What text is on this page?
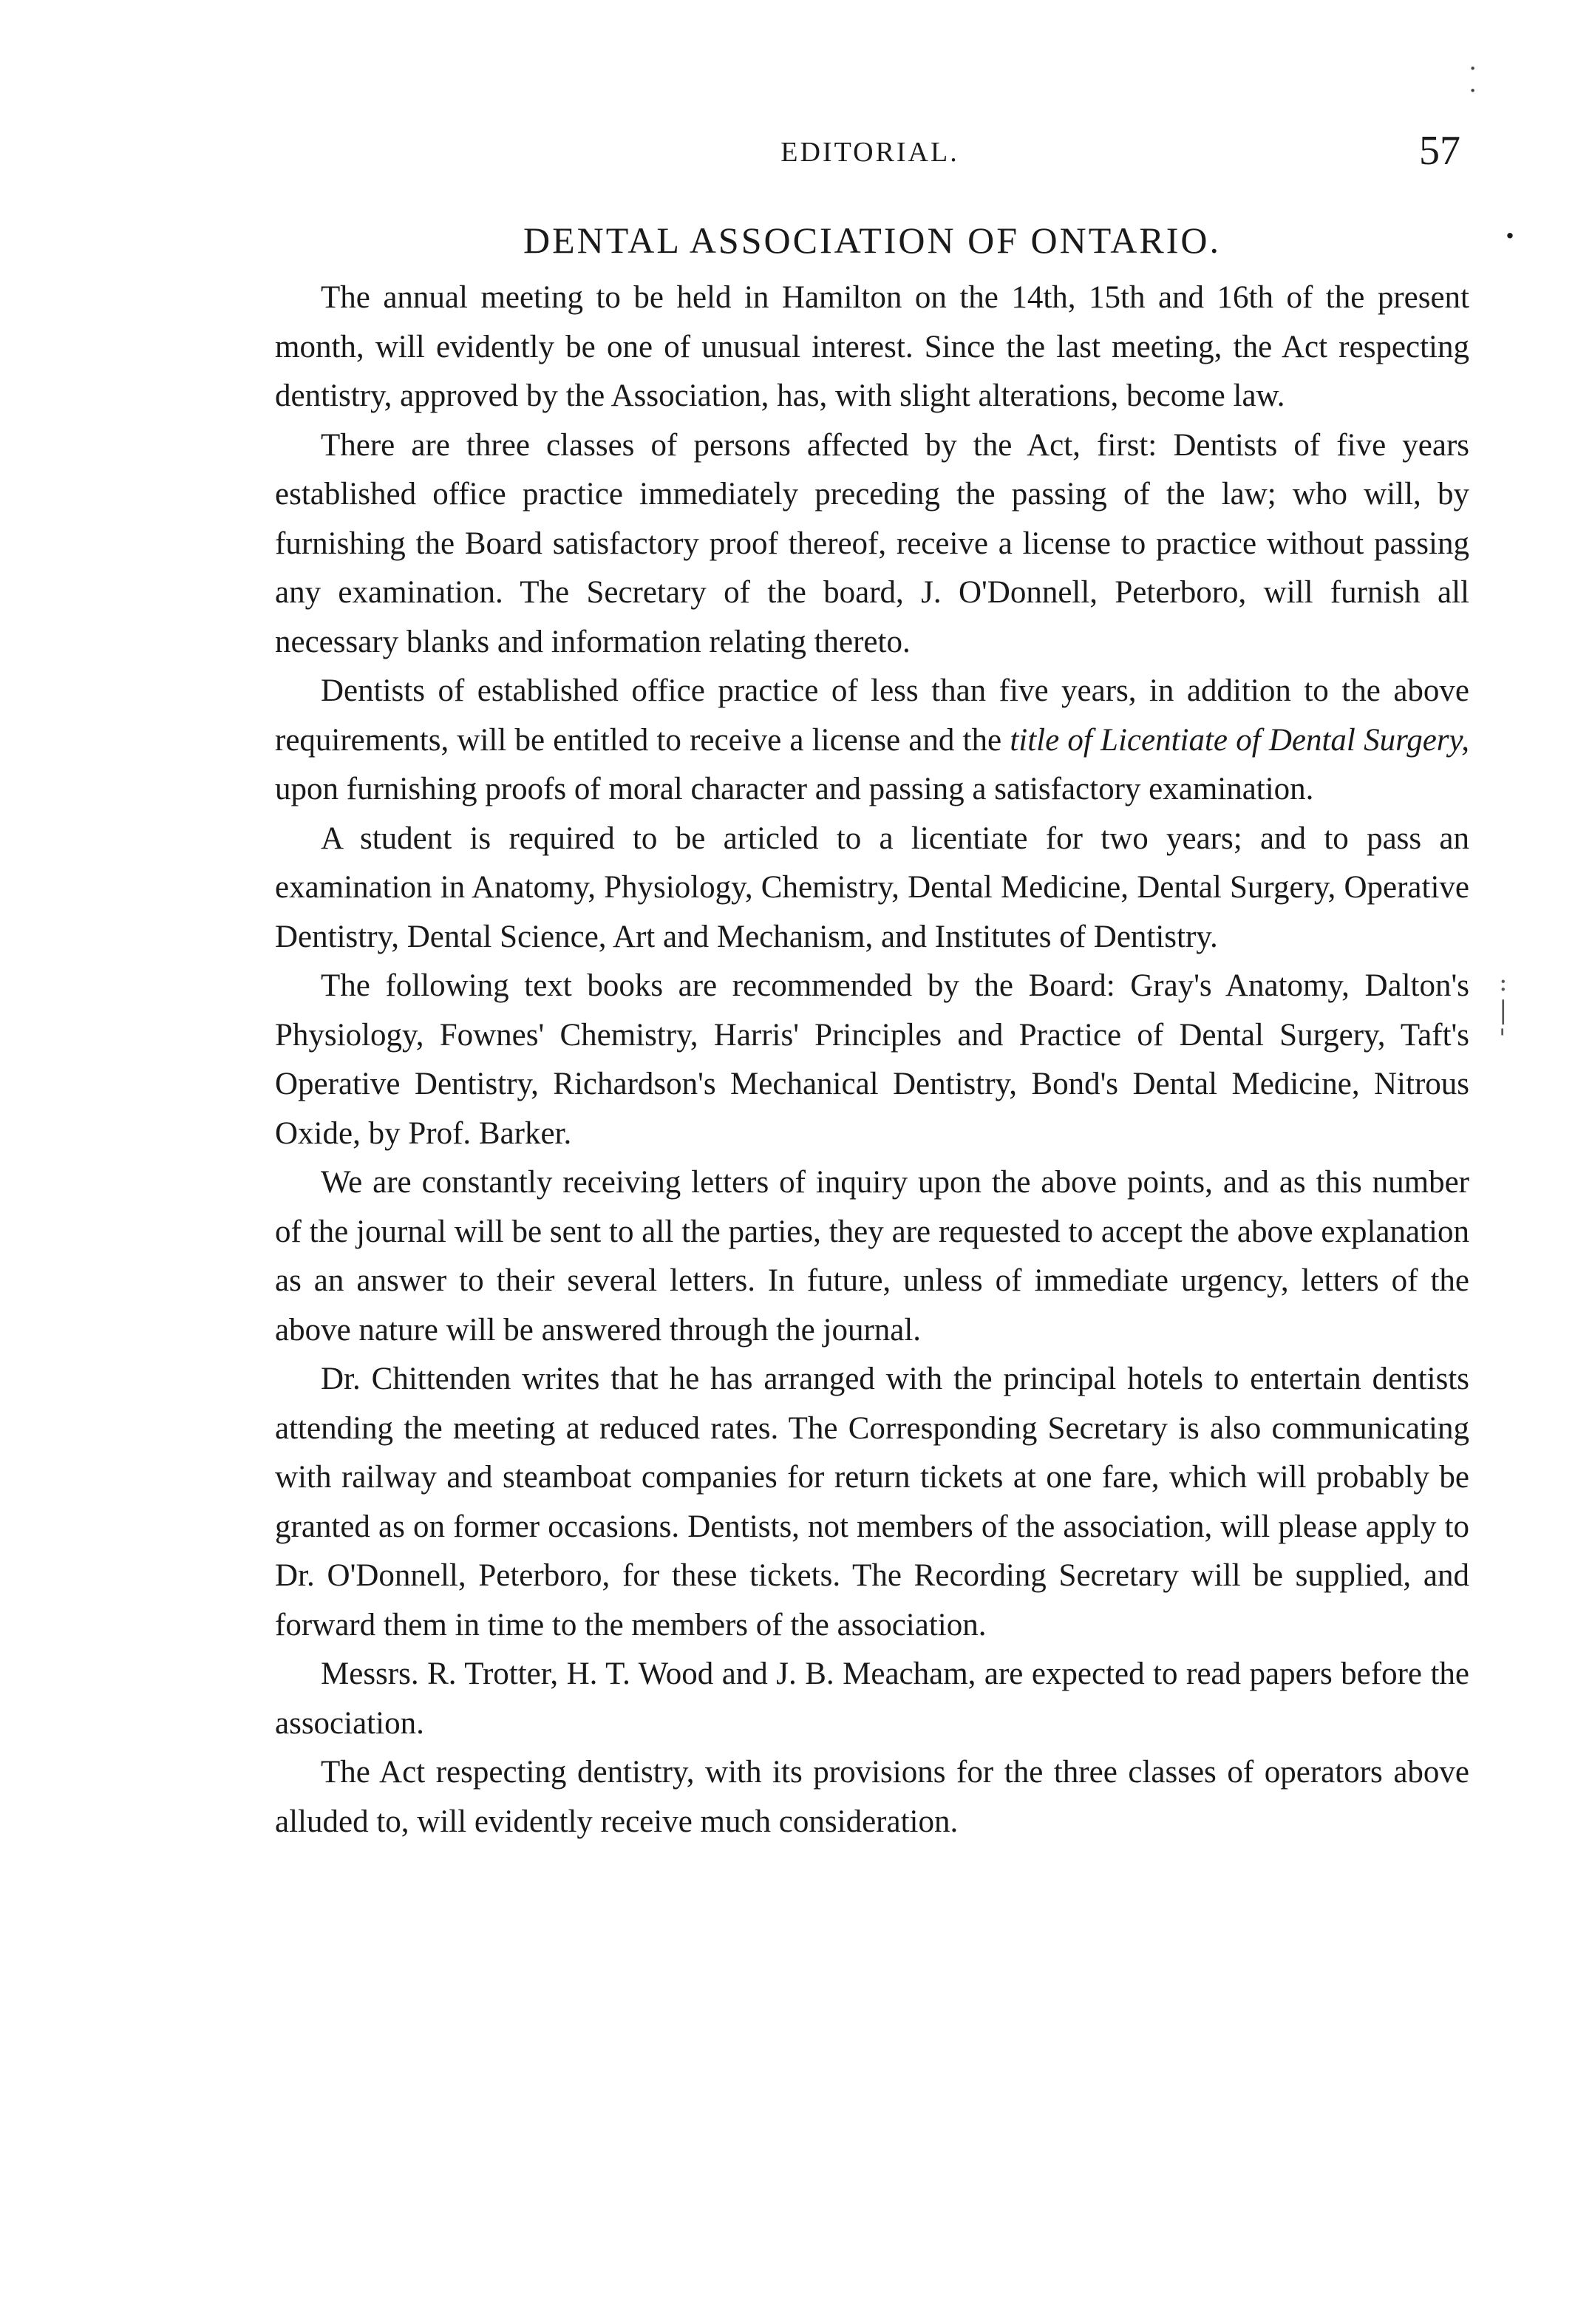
EDITORIAL.	57
·
·
DENTAL ASSOCIATION OF ONTARIO.	·

The annual meeting to be held in Hamilton on the 14th, 15th and 16th of the present month, will evidently be one of unusual interest. Since the last meeting, the Act respecting dentistry, approved by the Association, has, with slight alterations, become law.

There are three classes of persons affected by the Act, first: Dentists of five years established office practice immediately preceding the passing of the law; who will, by furnishing the Board satisfactory proof thereof, receive a license to practice without passing any examination. The Secretary of the board, J. O'Donnell, Peterboro, will furnish all necessary blanks and information relating thereto.

Dentists of established office practice of less than five years, in addition to the above requirements, will be entitled to receive a license and the title of Licentiate of Dental Surgery, upon furnishing proofs of moral character and passing a satisfactory examination.

A student is required to be articled to a licentiate for two years; and to pass an examination in Anatomy, Physiology, Chemistry, Dental Medicine, Dental Surgery, Operative Dentistry, Dental Science, Art and Mechanism, and Institutes of Dentistry.

The following text books are recommended by the Board: Gray's Anatomy, Dalton's Physiology, Fownes' Chemistry, Harris' Principles and Practice of Dental Surgery, Taft's Operative Dentistry, Richardson's Mechanical Dentistry, Bond's Dental Medicine, Nitrous Oxide, by Prof. Barker.

We are constantly receiving letters of inquiry upon the above points, and as this number of the journal will be sent to all the parties, they are requested to accept the above explanation as an answer to their several letters. In future, unless of immediate urgency, letters of the above nature will be answered through the journal.

Dr. Chittenden writes that he has arranged with the principal hotels to entertain dentists attending the meeting at reduced rates. The Corresponding Secretary is also communicating with railway and steamboat companies for return tickets at one fare, which will probably be granted as on former occasions. Dentists, not members of the association, will please apply to Dr. O'Donnell, Peterboro, for these tickets. The Recording Secretary will be supplied, and forward them in time to the members of the association.

Messrs. R. Trotter, H. T. Wood and J. B. Meacham, are expected to read papers before the association.

The Act respecting dentistry, with its provisions for the three classes of operators above alluded to, will evidently receive much consideration.

:
|
'
